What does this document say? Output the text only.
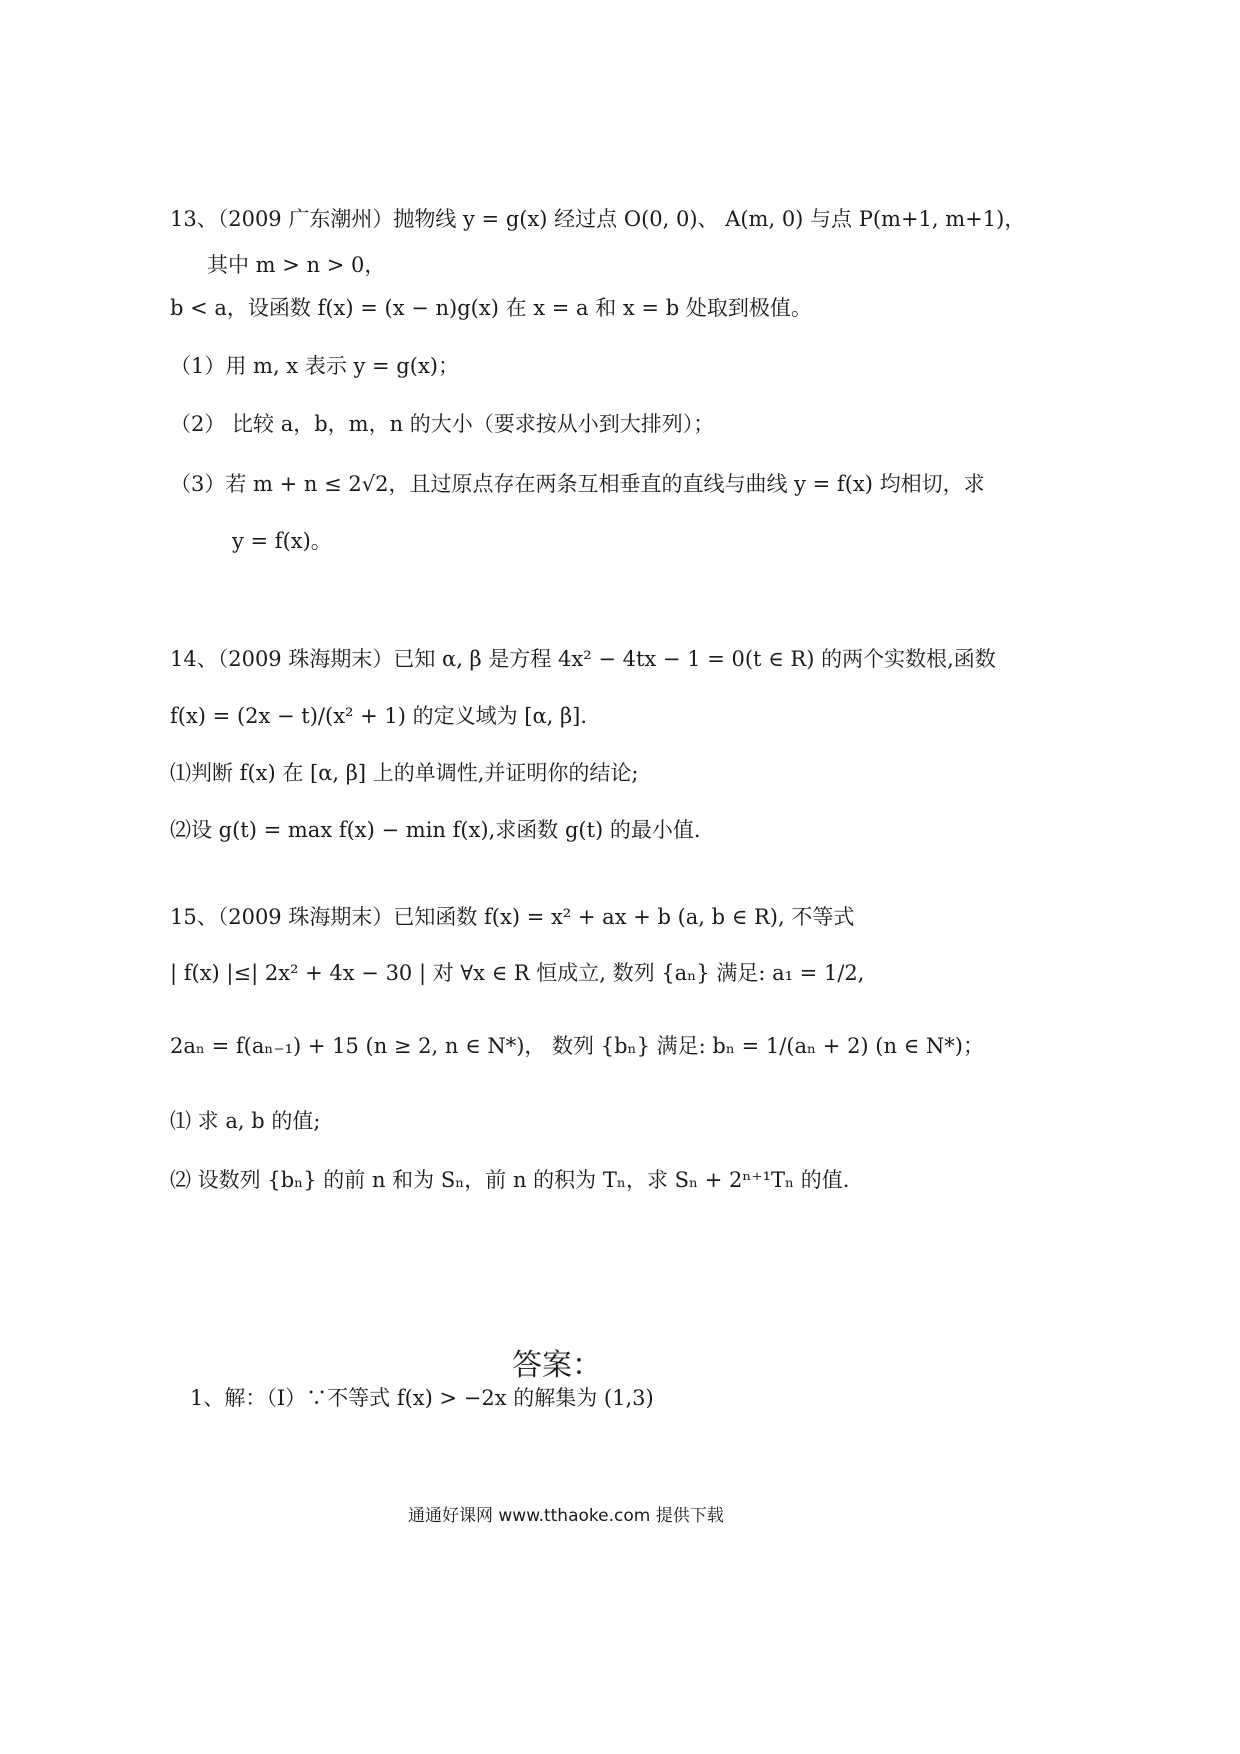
13、（2009 广东潮州）抛物线 y = g(x) 经过点 O(0, 0)、 A(m, 0) 与点 P(m+1, m+1)，
其中 m > n > 0，
b < a，设函数 f(x) = (x − n)g(x) 在 x = a 和 x = b 处取到极值。
（1）用 m, x 表示 y = g(x)；
（2） 比较 a，b，m，n 的大小（要求按从小到大排列）；
（3）若 m + n ≤ 2√2，且过原点存在两条互相垂直的直线与曲线 y = f(x) 均相切，求
y = f(x)。
14、（2009 珠海期末）已知 α, β 是方程 4x² − 4tx − 1 = 0(t ∈ R) 的两个实数根,函数
f(x) = (2x − t)/(x² + 1) 的定义域为 [α, β].
⑴判断 f(x) 在 [α, β] 上的单调性,并证明你的结论;
⑵设 g(t) = max f(x) − min f(x),求函数 g(t) 的最小值.
15、（2009 珠海期末）已知函数 f(x) = x² + ax + b (a, b ∈ R), 不等式
| f(x) |≤| 2x² + 4x − 30 | 对 ∀x ∈ R 恒成立, 数列 {aₙ} 满足: a₁ = 1/2,
2aₙ = f(aₙ₋₁) + 15 (n ≥ 2, n ∈ N*)， 数列 {bₙ} 满足: bₙ = 1/(aₙ + 2) (n ∈ N*)；
⑴ 求 a, b 的值;
⑵ 设数列 {bₙ} 的前 n 和为 Sₙ，前 n 的积为 Tₙ，求 Sₙ + 2ⁿ⁺¹Tₙ 的值.
答案：
1、解：（Ⅰ）∵不等式 f(x) > −2x 的解集为 (1,3)
通通好课网 www.tthaoke.com 提供下载
